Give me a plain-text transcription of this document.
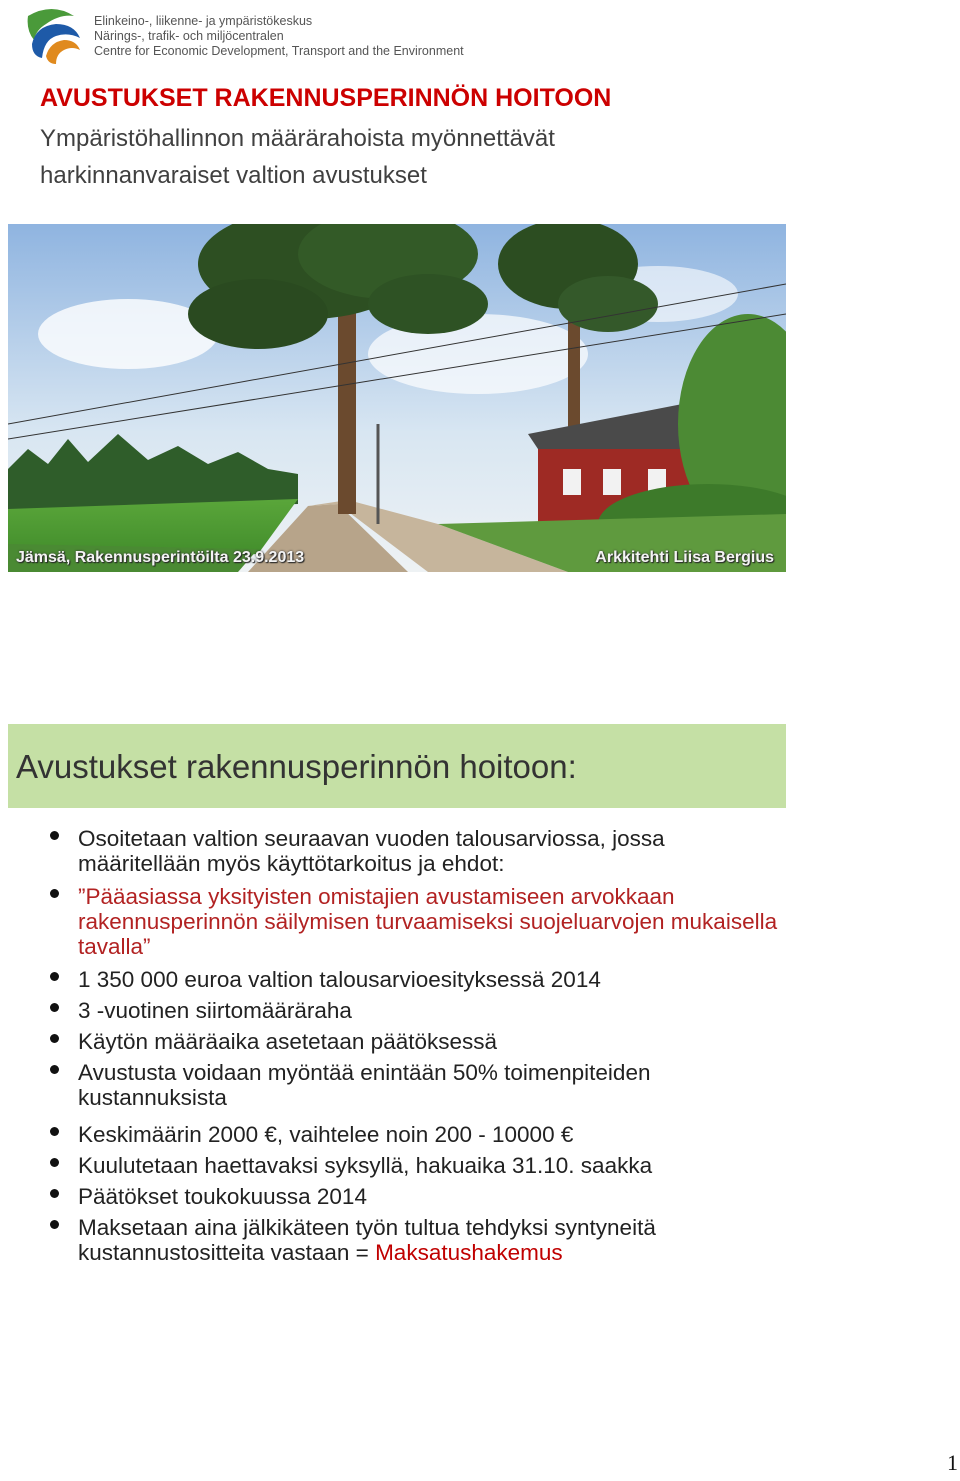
Elinkeino-, liikenne- ja ympäristökeskus
Närings-, trafik- och miljöcentralen
Centre for Economic Development, Transport and the Environment
AVUSTUKSET RAKENNUSPERINNÖN HOITOON
Ympäristöhallinnon määrärahoista myönnettävät
harkinnanvaraiset valtion avustukset
Jämsä, Rakennusperintöilta 23.9.2013	Arkkitehti Liisa Bergius
Avustukset rakennusperinnön hoitoon:
Osoitetaan valtion seuraavan vuoden talousarviossa, jossa määritellään myös käyttötarkoitus ja ehdot:
”Pääasiassa yksityisten omistajien avustamiseen arvokkaan rakennusperinnön säilymisen turvaamiseksi suojeluarvojen mukaisella tavalla”
1 350 000 euroa valtion talousarvioesityksessä 2014
3 -vuotinen siirtomääräraha
Käytön määräaika asetetaan päätöksessä
Avustusta voidaan myöntää enintään 50% toimenpiteiden kustannuksista
Keskimäärin 2000 €, vaihtelee noin 200 - 10000 €
Kuulutetaan haettavaksi syksyllä, hakuaika 31.10. saakka
Päätökset toukokuussa 2014
Maksetaan aina jälkikäteen työn tultua tehdyksi syntyneitä kustannustositteita vastaan = Maksatushakemus
1
